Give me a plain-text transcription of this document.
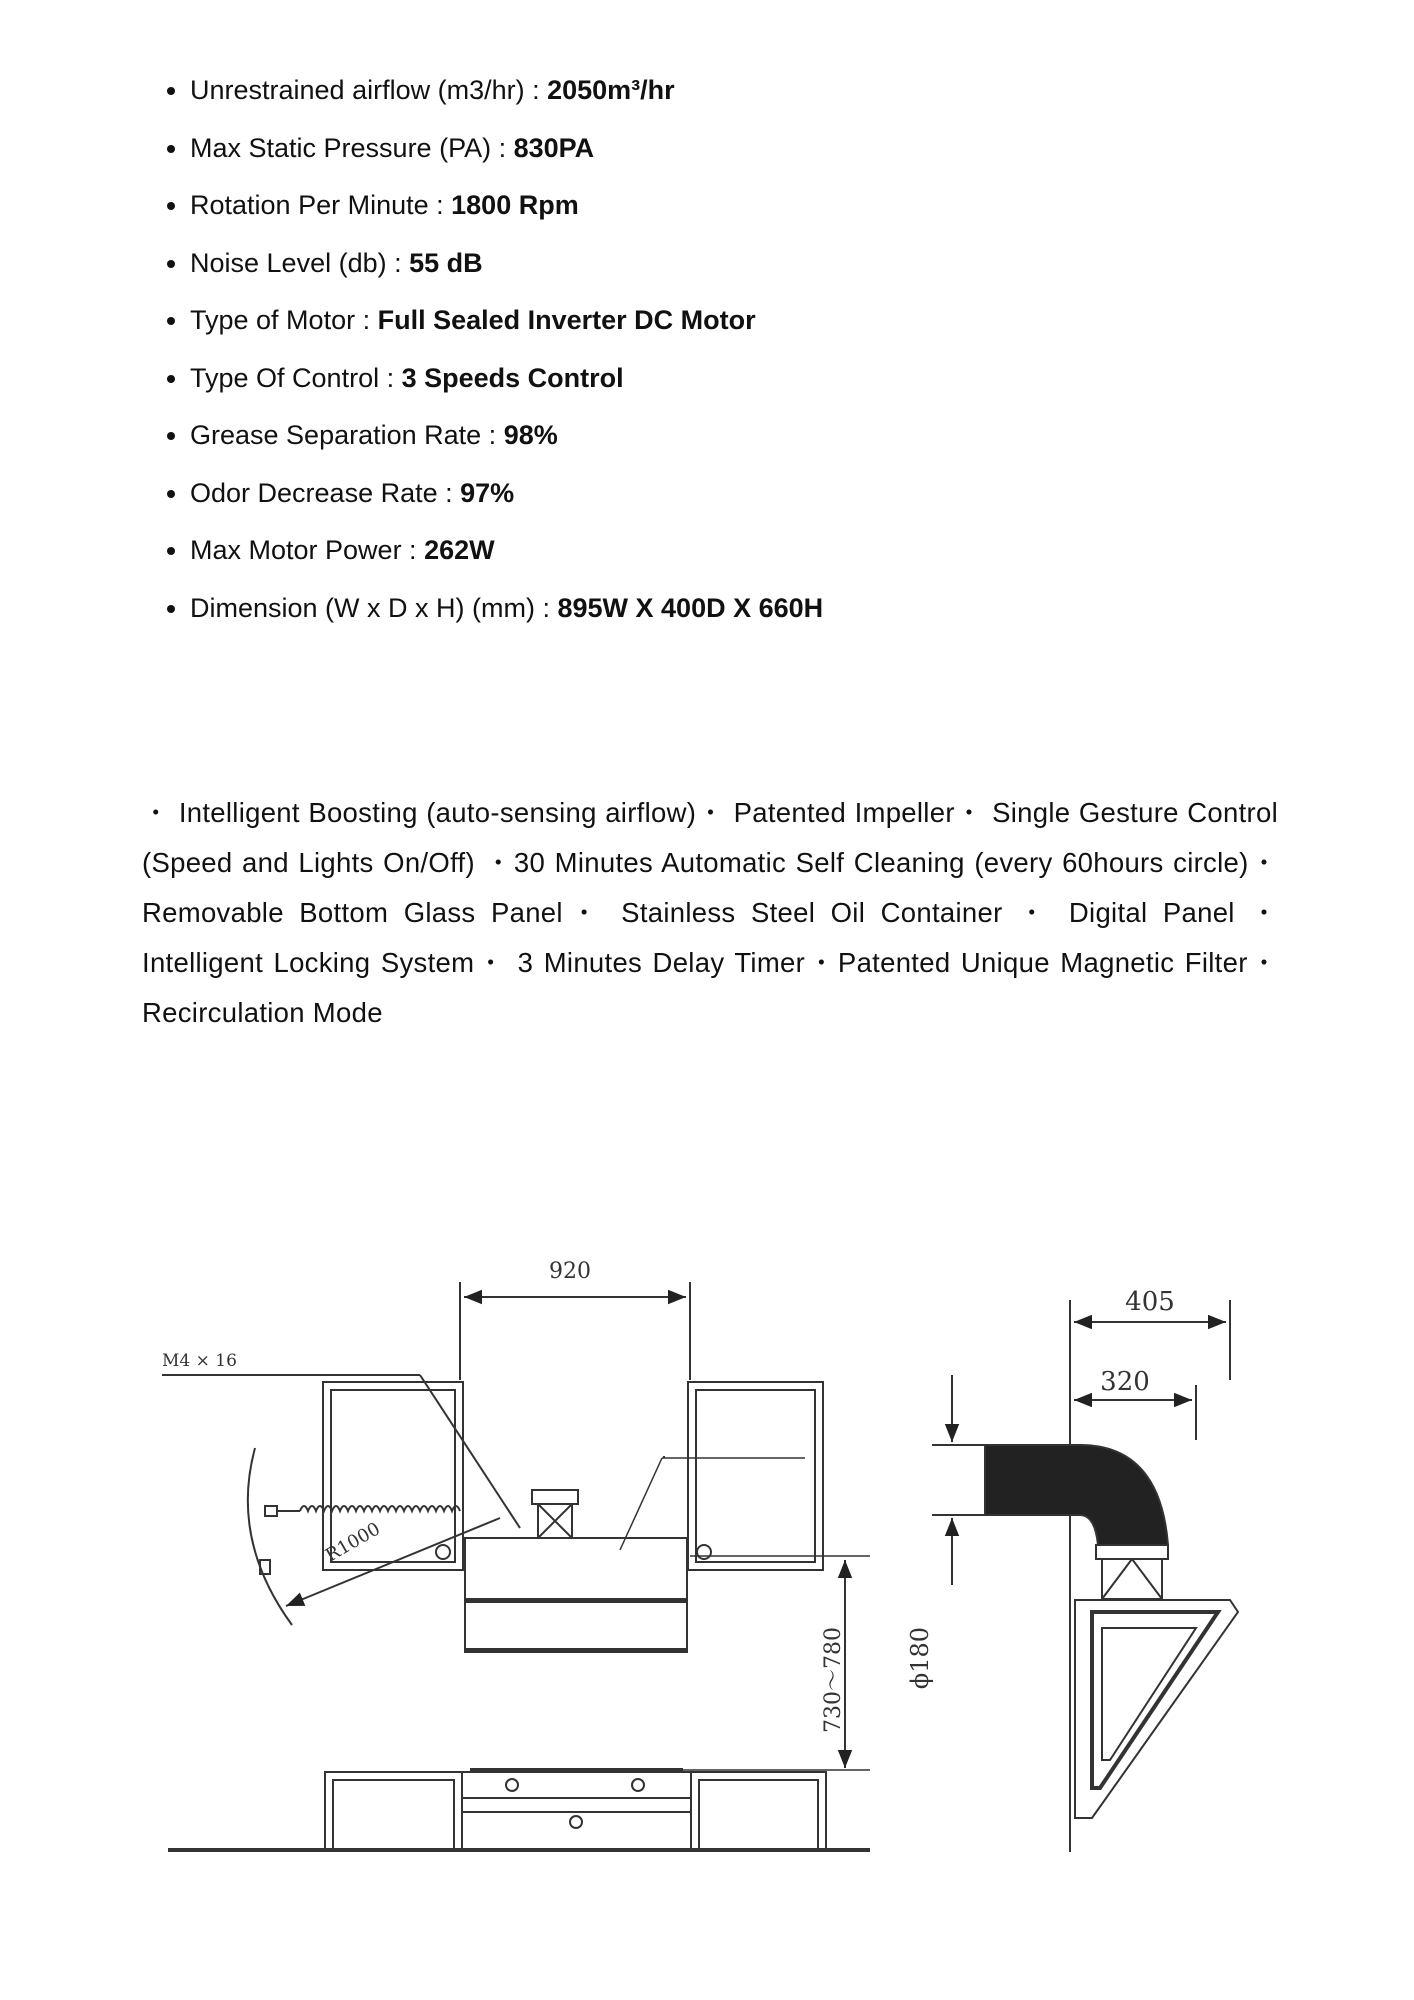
• Unrestrained airflow (m3/hr) : 2050m³/hr
• Max Static Pressure (PA) : 830PA
• Rotation Per Minute : 1800 Rpm
• Noise Level (db) : 55 dB
• Type of Motor : Full Sealed Inverter DC Motor
• Type Of Control : 3 Speeds Control
• Grease Separation Rate : 98%
• Odor Decrease Rate : 97%
• Max Motor Power : 262W
• Dimension (W x D x H) (mm) : 895W X 400D X 660H

・ Intelligent Boosting (auto-sensing airflow)・ Patented Impeller・ Single Gesture Control (Speed and Lights On/Off) ・30 Minutes Automatic Self Cleaning (every 60hours circle)・ Removable Bottom Glass Panel・ Stainless Steel Oil Container ・ Digital Panel ・ Intelligent Locking System・ 3 Minutes Delay Timer・Patented Unique Magnetic Filter・ Recirculation Mode

920
M4 × 16
R1000
730～780	ϕ180
405
320
